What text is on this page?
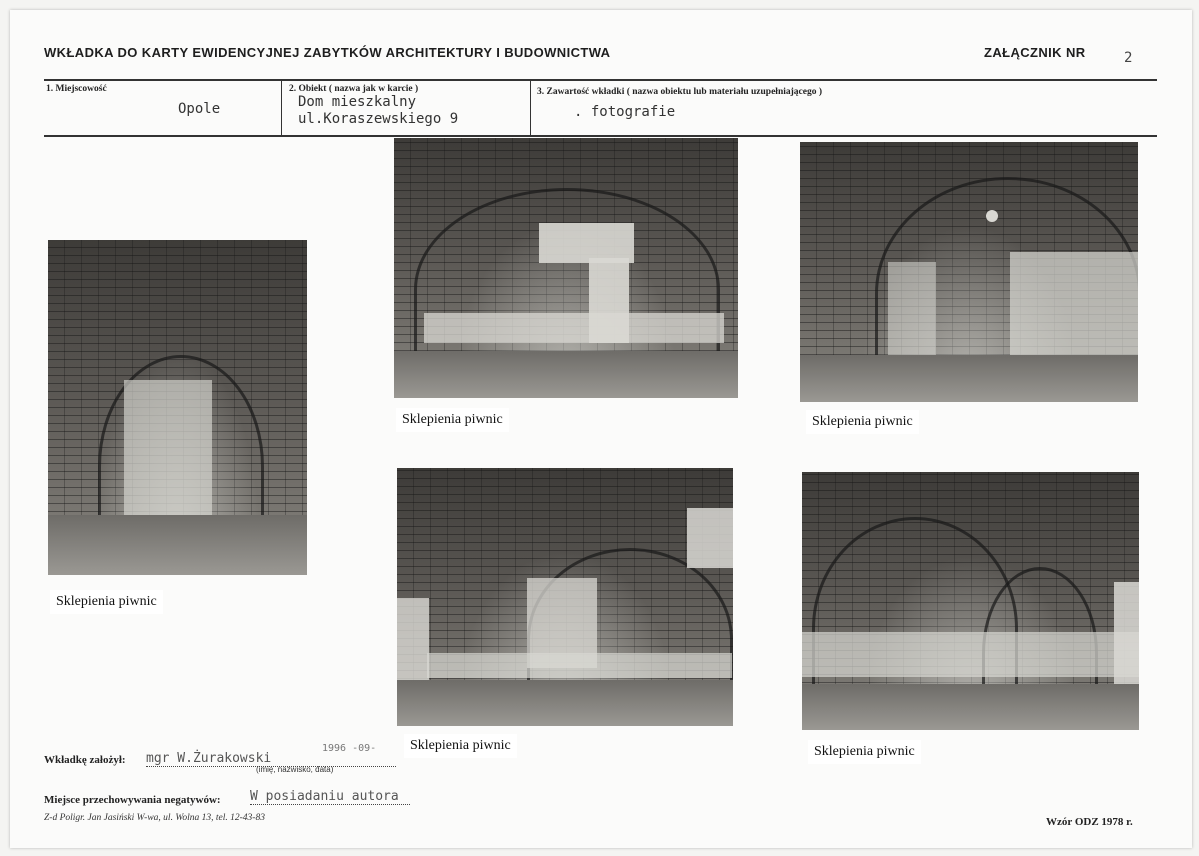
WKŁADKA DO KARTY EWIDENCYJNEJ ZABYTKÓW ARCHITEKTURY I BUDOWNICTWA	ZAŁĄCZNIK NR	2
1. Miejscowość
Opole
2. Obiekt ( nazwa jak w karcie )
Dom mieszkalny
ul.Koraszewskiego 9
3. Zawartość wkładki ( nazwa obiektu lub materiału uzupełniającego )
. fotografie
Sklepienia piwnic
Sklepienia piwnic	Sklepienia piwnic
Sklepienia piwnic	Sklepienia piwnic
Wkładkę założył: mgr W.Żurakowski
1996 -09-
(imię, nazwisko, data)
Miejsce przechowywania negatywów: W posiadaniu autora
Z-d Poligr. Jan Jasiński W-wa, ul. Wolna 13, tel. 12-43-83	Wzór ODZ 1978 r.
